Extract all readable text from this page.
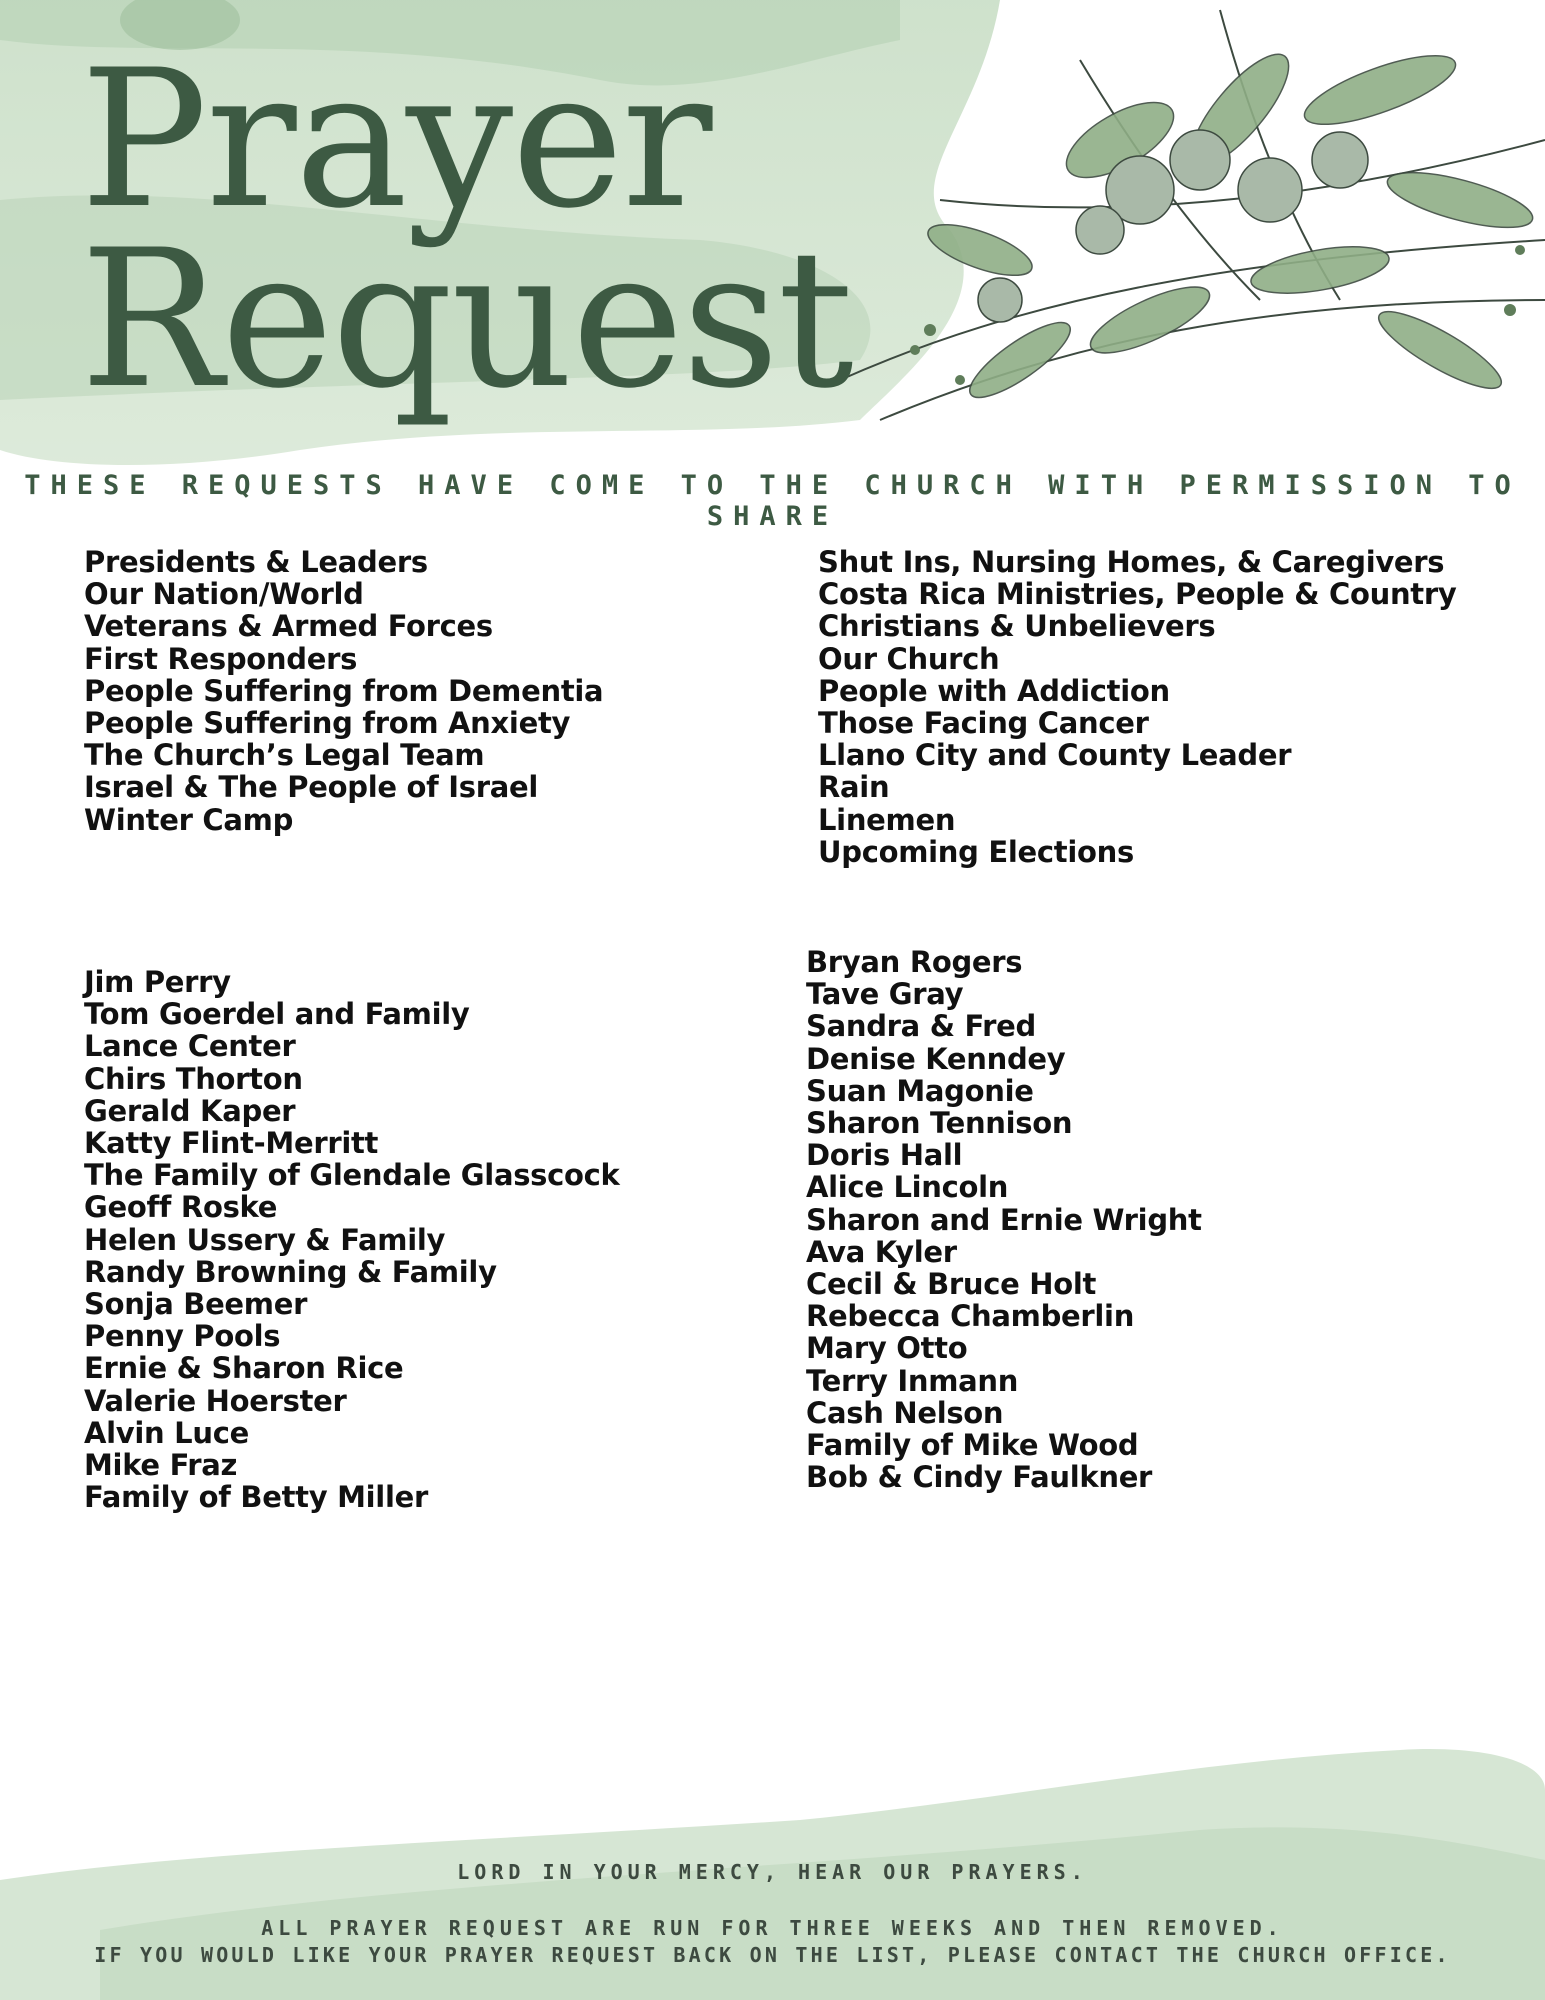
Prayer
Request
THESE REQUESTS HAVE COME TO THE CHURCH WITH PERMISSION TO SHARE
Presidents & Leaders
Our Nation/World
Veterans & Armed Forces
First Responders
People Suffering from Dementia
People Suffering from Anxiety
The Church’s Legal Team
Israel & The People of Israel
Winter Camp
Shut Ins, Nursing Homes, & Caregivers
Costa Rica Ministries, People & Country
Christians & Unbelievers
Our Church
People with Addiction
Those Facing Cancer
Llano City and County Leader
Rain
Linemen
Upcoming Elections
Jim Perry
Tom Goerdel and Family
Lance Center
Chirs Thorton
Gerald Kaper
Katty Flint-Merritt
The Family of Glendale Glasscock
Geoff Roske
Helen Ussery & Family
Randy Browning & Family
Sonja Beemer
Penny Pools
Ernie & Sharon Rice
Valerie Hoerster
Alvin Luce
Mike Fraz
Family of Betty Miller
Bryan Rogers
Tave Gray
Sandra & Fred
Denise Kenndey
Suan Magonie
Sharon Tennison
Doris Hall
Alice Lincoln
Sharon and Ernie Wright
Ava Kyler
Cecil & Bruce Holt
Rebecca Chamberlin
Mary Otto
Terry Inmann
Cash Nelson
Family of Mike Wood
Bob & Cindy Faulkner

LORD IN YOUR MERCY, HEAR OUR PRAYERS.

ALL PRAYER REQUEST ARE RUN FOR THREE WEEKS AND THEN REMOVED.

IF YOU WOULD LIKE YOUR PRAYER REQUEST BACK ON THE LIST, PLEASE CONTACT THE CHURCH OFFICE.
